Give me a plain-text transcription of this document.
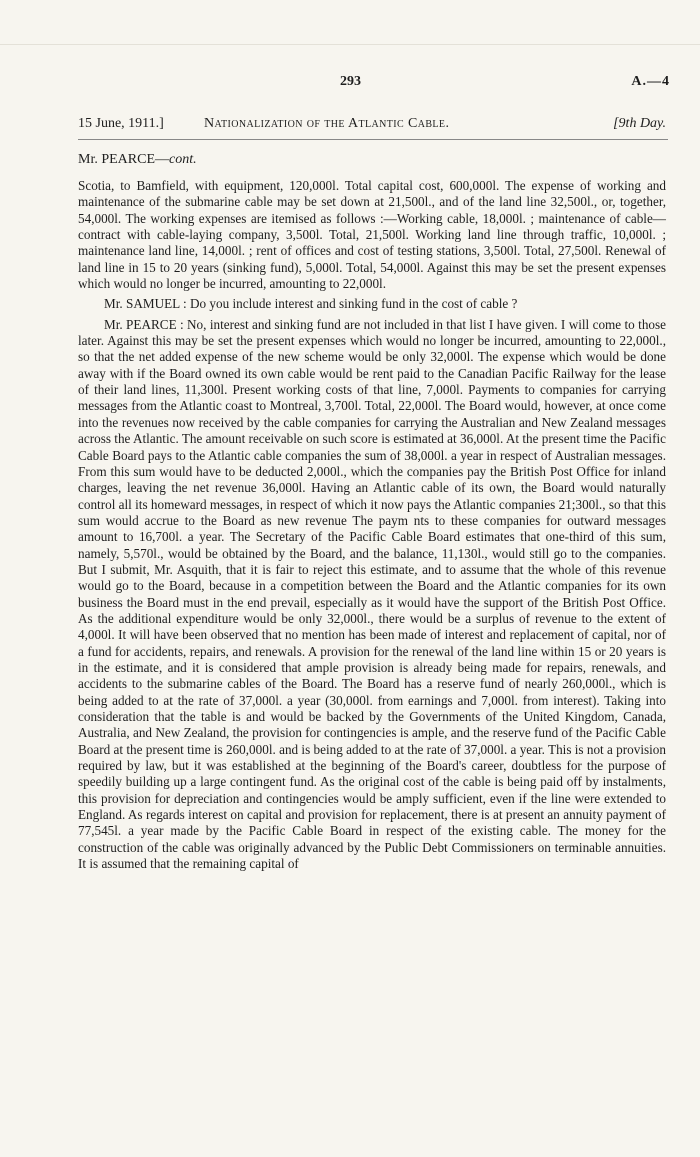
293	A.—4
15 June, 1911.]	Nationalization of the Atlantic Cable.	[9th Day.
Mr. PEARCE—cont.

Scotia, to Bamfield, with equipment, 120,000l. Total capital cost, 600,000l. The expense of working and maintenance of the submarine cable may be set down at 21,500l., and of the land line 32,500l., or, together, 54,000l. The working expenses are itemised as follows :—Working cable, 18,000l. ; maintenance of cable—contract with cable-laying company, 3,500l. Total, 21,500l. Working land line through traffic, 10,000l. ; maintenance land line, 14,000l. ; rent of offices and cost of testing stations, 3,500l. Total, 27,500l. Renewal of land line in 15 to 20 years (sinking fund), 5,000l. Total, 54,000l. Against this may be set the present expenses which would no longer be incurred, amounting to 22,000l.

Mr. SAMUEL : Do you include interest and sinking fund in the cost of cable ?

Mr. PEARCE : No, interest and sinking fund are not included in that list I have given. I will come to those later. Against this may be set the present expenses which would no longer be incurred, amounting to 22,000l., so that the net added expense of the new scheme would be only 32,000l. The expense which would be done away with if the Board owned its own cable would be rent paid to the Canadian Pacific Railway for the lease of their land lines, 11,300l. Present working costs of that line, 7,000l. Payments to companies for carrying messages from the Atlantic coast to Montreal, 3,700l. Total, 22,000l. The Board would, however, at once come into the revenues now received by the cable companies for carrying the Australian and New Zealand messages across the Atlantic. The amount receivable on such score is estimated at 36,000l. At the present time the Pacific Cable Board pays to the Atlantic cable companies the sum of 38,000l. a year in respect of Australian messages. From this sum would have to be deducted 2,000l., which the companies pay the British Post Office for inland charges, leaving the net revenue 36,000l. Having an Atlantic cable of its own, the Board would naturally control all its homeward messages, in respect of which it now pays the Atlantic companies 21;300l., so that this sum would accrue to the Board as new revenue The paym nts to these companies for outward messages amount to 16,700l. a year. The Secretary of the Pacific Cable Board estimates that one-third of this sum, namely, 5,570l., would be obtained by the Board, and the balance, 11,130l., would still go to the companies. But I submit, Mr. Asquith, that it is fair to reject this estimate, and to assume that the whole of this revenue would go to the Board, because in a competition between the Board and the Atlantic companies for its own business the Board must in the end prevail, especially as it would have the support of the British Post Office. As the additional expenditure would be only 32,000l., there would be a surplus of revenue to the extent of 4,000l. It will have been observed that no mention has been made of interest and replacement of capital, nor of a fund for accidents, repairs, and renewals. A provision for the renewal of the land line within 15 or 20 years is in the estimate, and it is considered that ample provision is already being made for repairs, renewals, and accidents to the submarine cables of the Board. The Board has a reserve fund of nearly 260,000l., which is being added to at the rate of 37,000l. a year (30,000l. from earnings and 7,000l. from interest). Taking into consideration that the table is and would be backed by the Governments of the United Kingdom, Canada, Australia, and New Zealand, the provision for contingencies is ample, and the reserve fund of the Pacific Cable Board at the present time is 260,000l. and is being added to at the rate of 37,000l. a year. This is not a provision required by law, but it was established at the beginning of the Board's career, doubtless for the purpose of speedily building up a large contingent fund. As the original cost of the cable is being paid off by instalments, this provision for depreciation and contingencies would be amply sufficient, even if the line were extended to England. As regards interest on capital and provision for replacement, there is at present an annuity payment of 77,545l. a year made by the Pacific Cable Board in respect of the existing cable. The money for the construction of the cable was originally advanced by the Public Debt Commissioners on terminable annuities. It is assumed that the remaining capital of
